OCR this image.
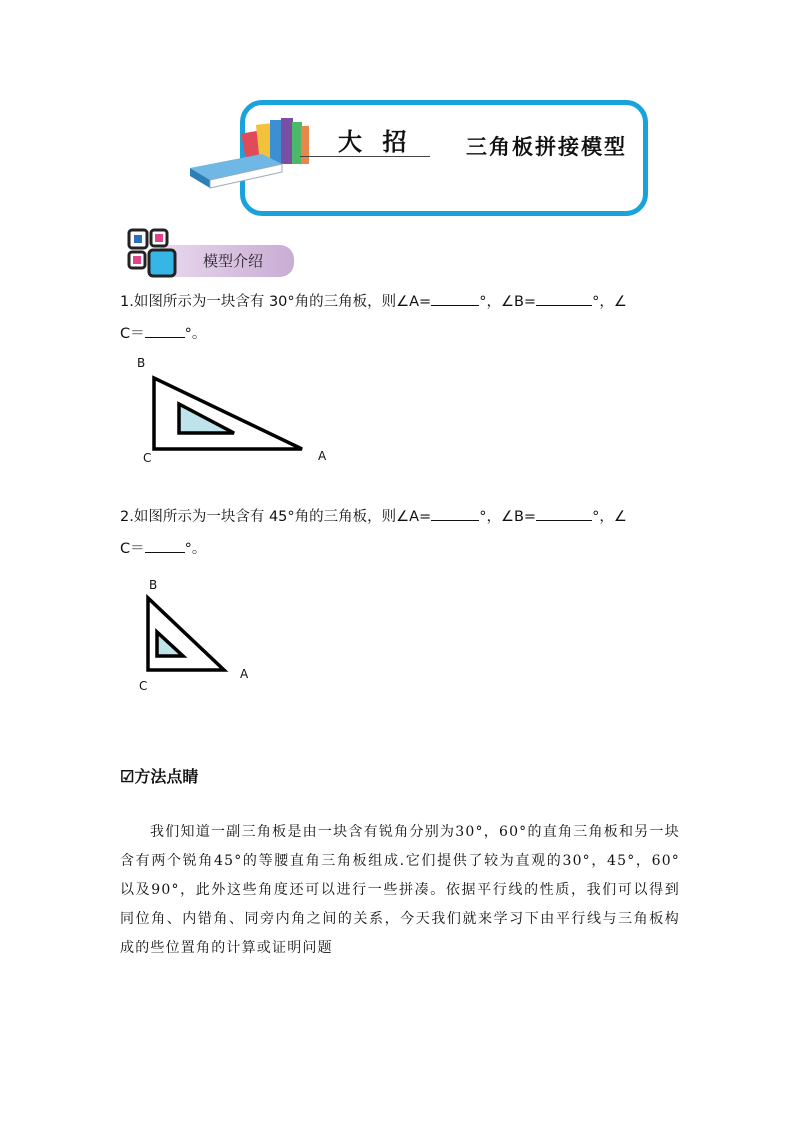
大 招	三角板拼接模型
模型介绍
1.如图所示为一块含有 30°角的三角板，则∠A=	°，∠B=	°，∠
C＝	°。
B
C	A
2.如图所示为一块含有 45°角的三角板，则∠A=	°，∠B=	°，∠
C＝	°。
B
C
A
☑方法点睛
我们知道一副三角板是由一块含有锐角分别为30°，60°的直角三角板和另一块含有两个锐角45°的等腰直角三角板组成.它们提供了较为直观的30°，45°，60°以及90°，此外这些角度还可以进行一些拼凑。依据平行线的性质，我们可以得到同位角、内错角、同旁内角之间的关系，今天我们就来学习下由平行线与三角板构成的些位置角的计算或证明问题
